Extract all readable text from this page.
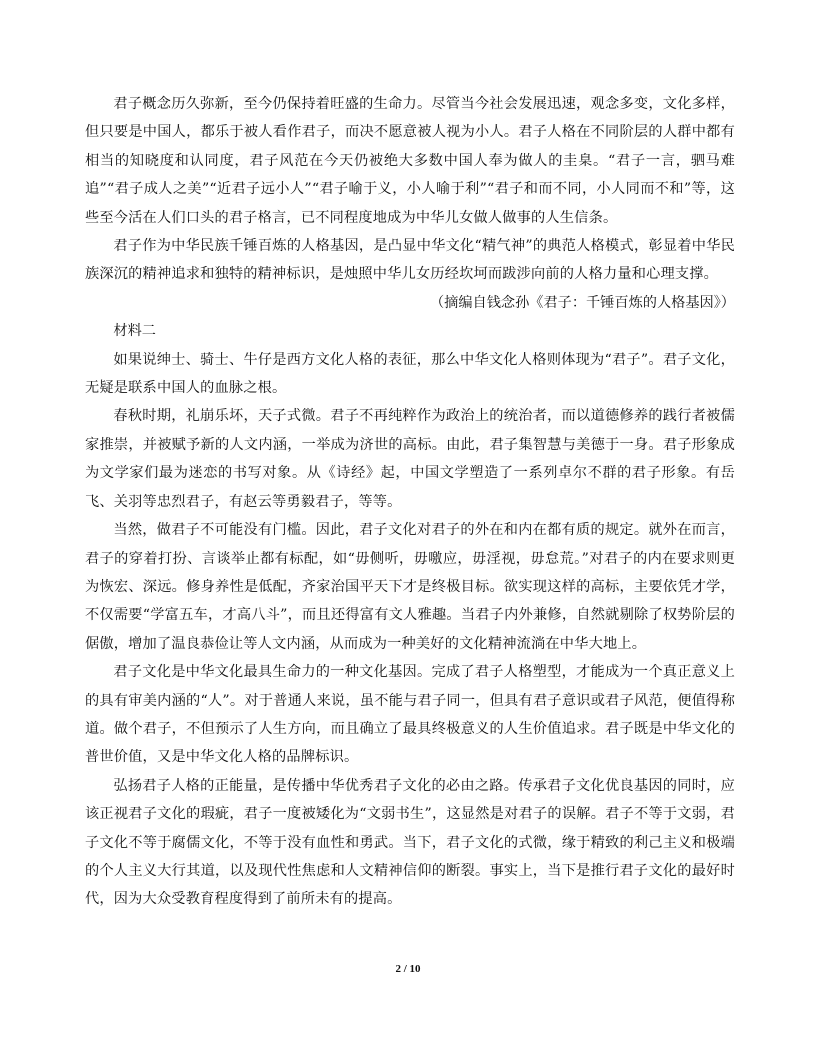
君子概念历久弥新，至今仍保持着旺盛的生命力。尽管当今社会发展迅速，观念多变，文化多样，但只要是中国人，都乐于被人看作君子，而决不愿意被人视为小人。君子人格在不同阶层的人群中都有相当的知晓度和认同度，君子风范在今天仍被绝大多数中国人奉为做人的圭臬。“君子一言，驷马难追”“君子成人之美”“近君子远小人”“君子喻于义，小人喻于利”“君子和而不同，小人同而不和”等，这些至今活在人们口头的君子格言，已不同程度地成为中华儿女做人做事的人生信条。

君子作为中华民族千锤百炼的人格基因，是凸显中华文化“精气神”的典范人格模式，彰显着中华民族深沉的精神追求和独特的精神标识，是烛照中华儿女历经坎坷而跋涉向前的人格力量和心理支撑。

（摘编自钱念孙《君子：千锤百炼的人格基因》）

材料二

如果说绅士、骑士、牛仔是西方文化人格的表征，那么中华文化人格则体现为“君子”。君子文化，无疑是联系中国人的血脉之根。

春秋时期，礼崩乐坏，天子式微。君子不再纯粹作为政治上的统治者，而以道德修养的践行者被儒家推崇，并被赋予新的人文内涵，一举成为济世的高标。由此，君子集智慧与美德于一身。君子形象成为文学家们最为迷恋的书写对象。从《诗经》起，中国文学塑造了一系列卓尔不群的君子形象。有岳飞、关羽等忠烈君子，有赵云等勇毅君子，等等。

当然，做君子不可能没有门槛。因此，君子文化对君子的外在和内在都有质的规定。就外在而言，君子的穿着打扮、言谈举止都有标配，如“毋侧听，毋噭应，毋淫视，毋怠荒。”对君子的内在要求则更为恢宏、深远。修身养性是低配，齐家治国平天下才是终极目标。欲实现这样的高标，主要依凭才学，不仅需要“学富五车，才高八斗”，而且还得富有文人雅趣。当君子内外兼修，自然就剔除了权势阶层的倨傲，增加了温良恭俭让等人文内涵，从而成为一种美好的文化精神流淌在中华大地上。

君子文化是中华文化最具生命力的一种文化基因。完成了君子人格塑型，才能成为一个真正意义上的具有审美内涵的“人”。对于普通人来说，虽不能与君子同一，但具有君子意识或君子风范，便值得称道。做个君子，不但预示了人生方向，而且确立了最具终极意义的人生价值追求。君子既是中华文化的普世价值，又是中华文化人格的品牌标识。

弘扬君子人格的正能量，是传播中华优秀君子文化的必由之路。传承君子文化优良基因的同时，应该正视君子文化的瑕疵，君子一度被矮化为“文弱书生”，这显然是对君子的误解。君子不等于文弱，君子文化不等于腐儒文化，不等于没有血性和勇武。当下，君子文化的式微，缘于精致的利己主义和极端的个人主义大行其道，以及现代性焦虑和人文精神信仰的断裂。事实上，当下是推行君子文化的最好时代，因为大众受教育程度得到了前所未有的提高。

2 / 10
